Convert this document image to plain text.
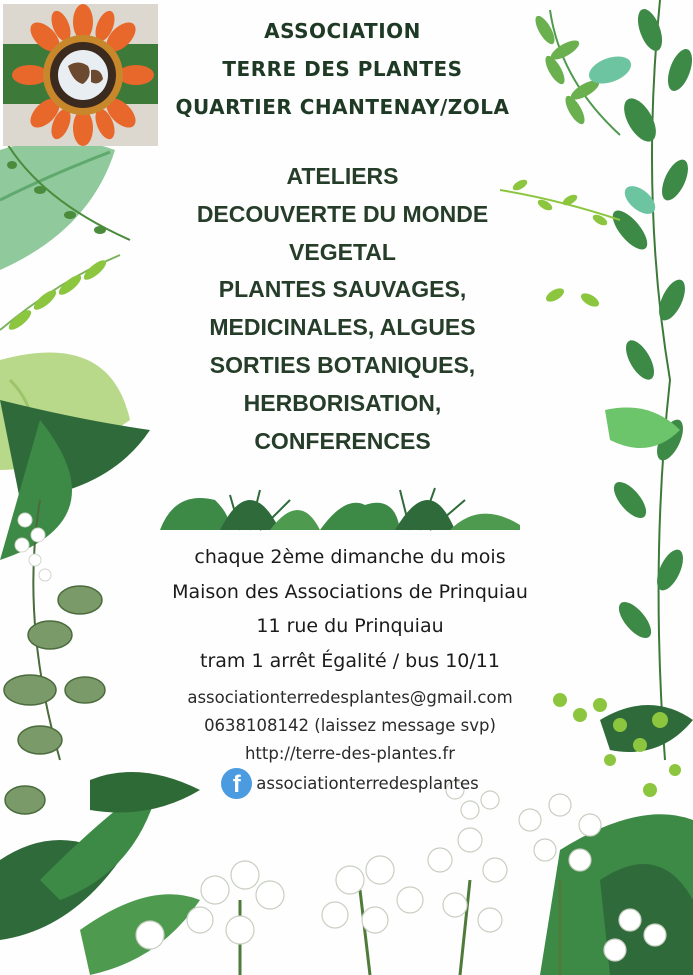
ASSOCIATION
TERRE DES PLANTES
QUARTIER CHANTENAY/ZOLA
ATELIERS
DECOUVERTE DU MONDE
VEGETAL
PLANTES SAUVAGES,
MEDICINALES, ALGUES
SORTIES BOTANIQUES,
HERBORISATION,
CONFERENCES
chaque 2ème dimanche du mois
Maison des Associations de Prinquiau
11 rue du Prinquiau
tram 1 arrêt Égalité / bus 10/11
associationterredesplantes@gmail.com
0638108142 (laissez message svp)
http://terre-des-plantes.fr
f associationterredesplantes
